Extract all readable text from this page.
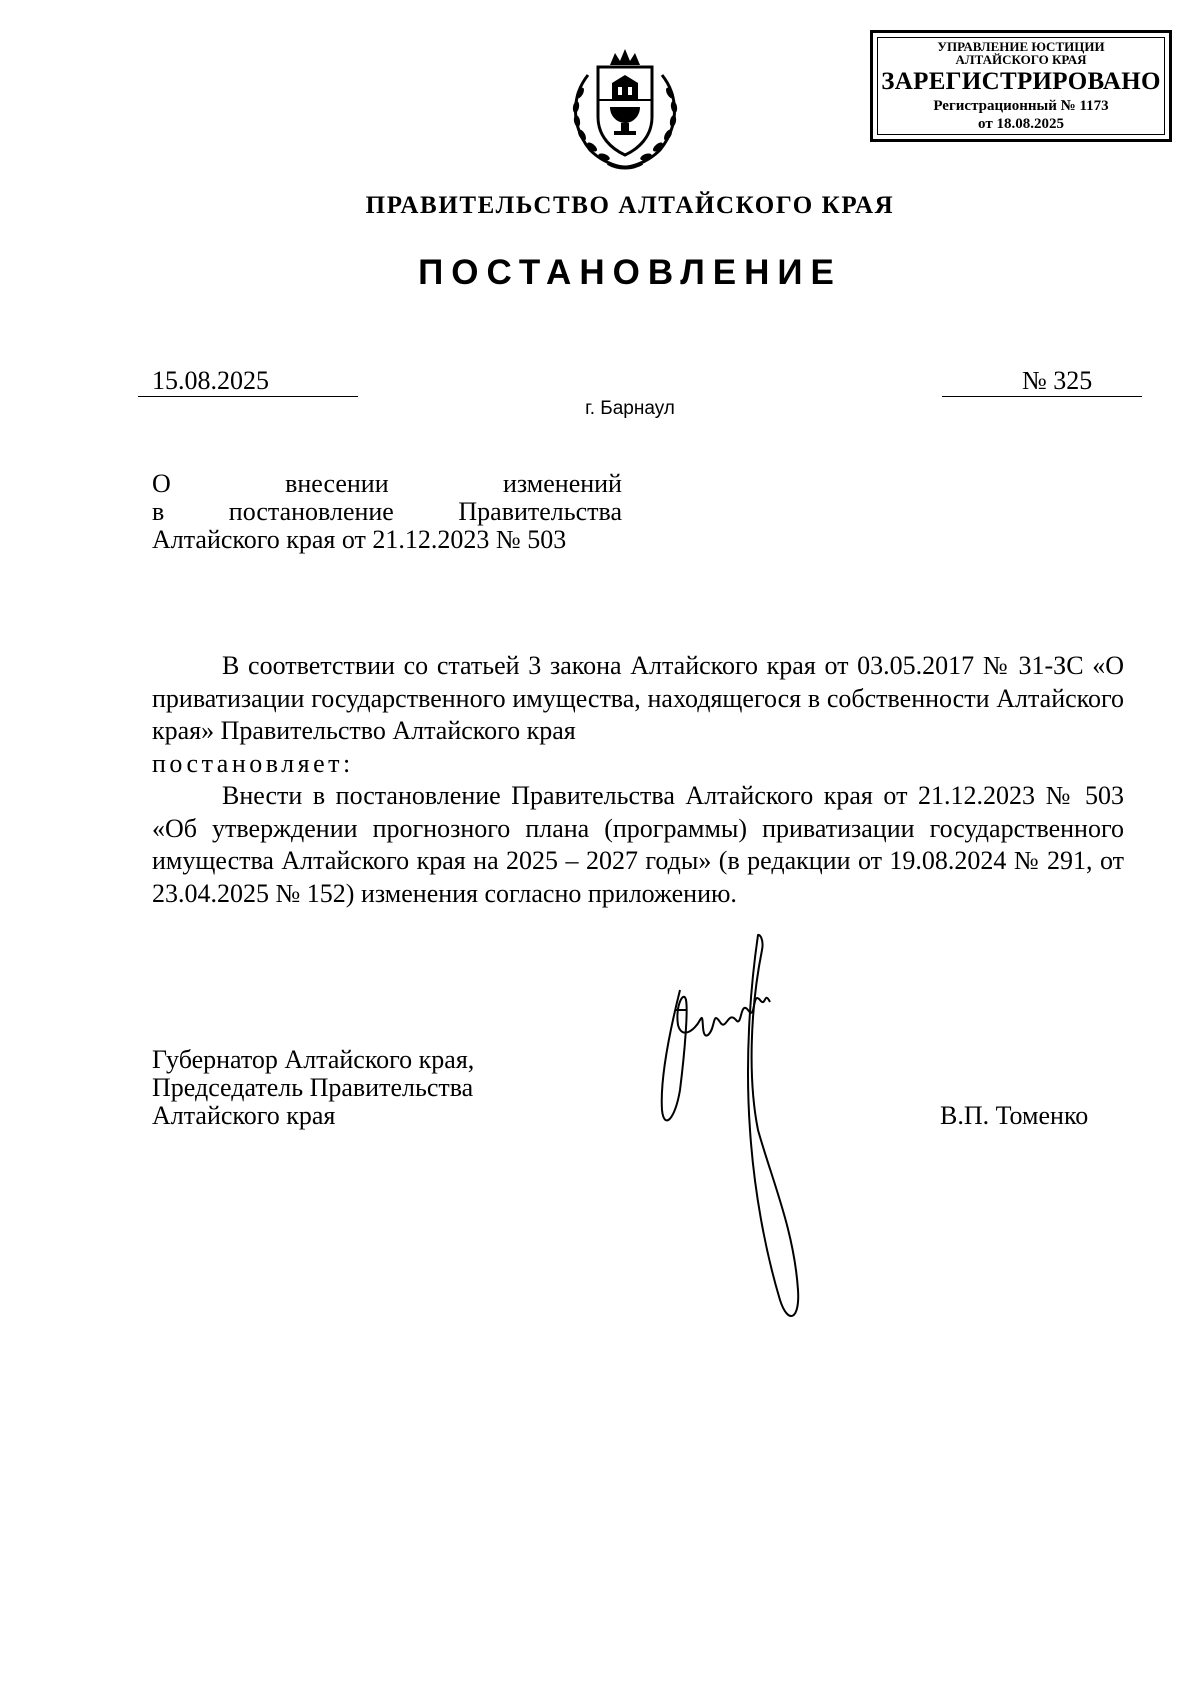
УПРАВЛЕНИЕ ЮСТИЦИИ
АЛТАЙСКОГО КРАЯ
ЗАРЕГИСТРИРОВАНО
Регистрационный № 1173
от 18.08.2025
ПРАВИТЕЛЬСТВО АЛТАЙСКОГО КРАЯ
ПОСТАНОВЛЕНИЕ
15.08.2025	№ 325
г. Барнаул
О	внесении	изменений
в постановление Правительства
Алтайского края от 21.12.2023 № 503

В соответствии со статьей 3 закона Алтайского края от 03.05.2017 № 31-ЗС «О приватизации государственного имущества, находящегося в собственности Алтайского края» Правительство Алтайского края

постановляет:

Внести в постановление Правительства Алтайского края от 21.12.2023 № 503 «Об утверждении прогнозного плана (программы) приватизации государственного имущества Алтайского края на 2025 – 2027 годы» (в редакции от 19.08.2024 № 291, от 23.04.2025 № 152) изменения согласно приложению.

Губернатор Алтайского края,
Председатель Правительства
Алтайского края	В.П. Томенко
